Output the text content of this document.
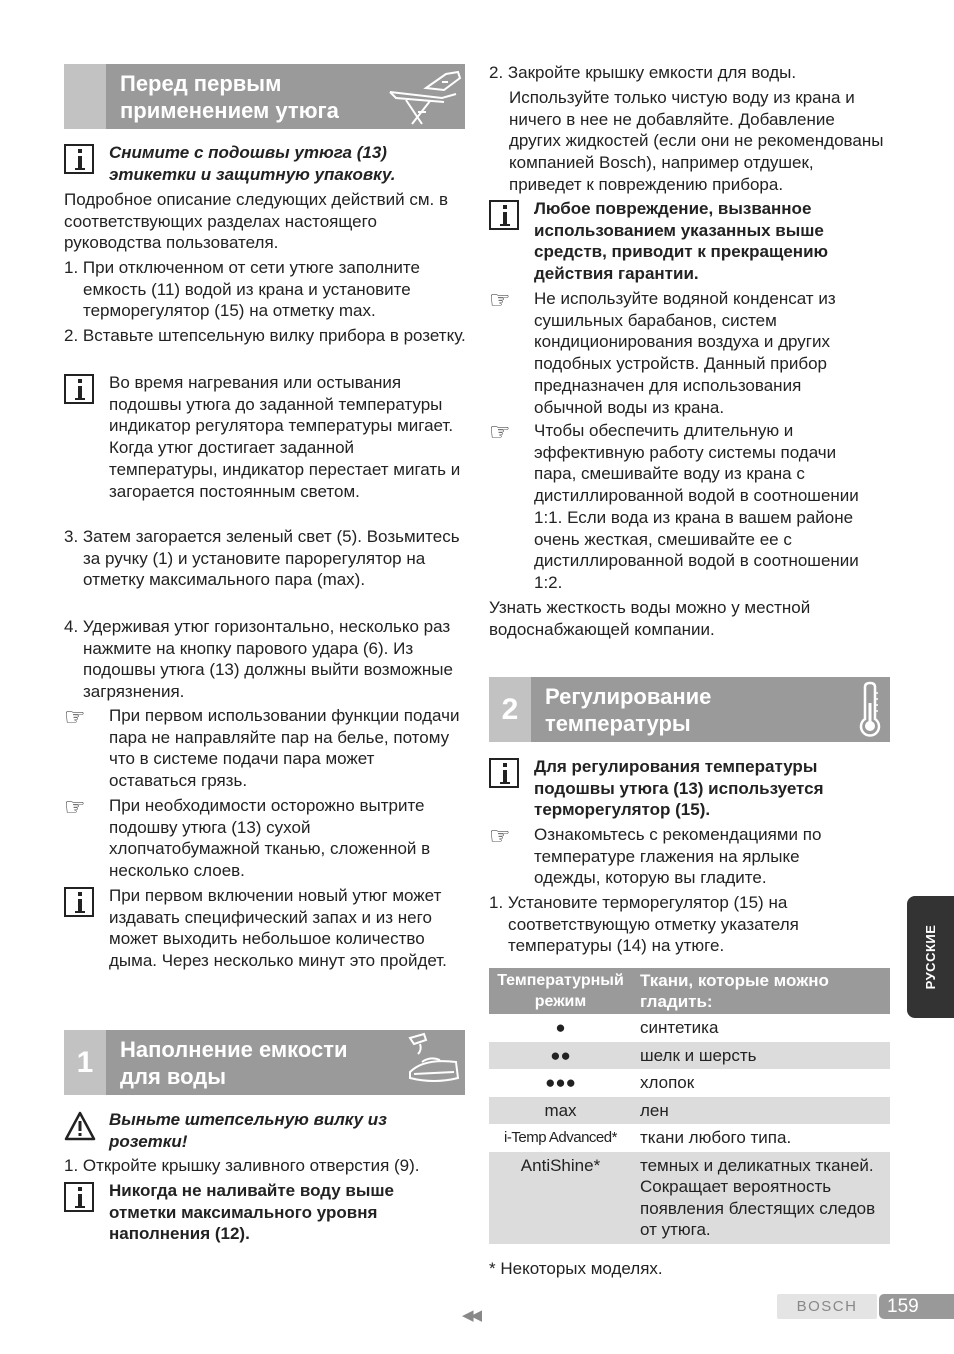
Перед первым
применением утюга

Снимите с подошвы утюга (13) этикетки и защитную упаковку.

Подробное описание следующих действий см. в соответствующих разделах настоящего руководства пользователя.

1. При отключенном от сети утюге заполните емкость (11) водой из крана и установите терморегулятор (15) на отметку max.

2. Вставьте штепсельную вилку прибора в розетку.

Во время нагревания или остывания подошвы утюга до заданной температуры индикатор регулятора температуры мигает. Когда утюг достигает заданной температуры, индикатор перестает мигать и загорается постоянным светом.

3. Затем загорается зеленый свет (5). Возьмитесь за ручку (1) и установите парорегулятор на отметку максимального пара (max).

4. Удерживая утюг горизонтально, несколько раз нажмите на кнопку парового удара (6). Из подошвы утюга (13) должны выйти возможные загрязнения.

☞ При первом использовании функции подачи пара не направляйте пар на белье, потому что в системе подачи пара может оставаться грязь.

☞ При необходимости осторожно вытрите подошву утюга (13) сухой хлопчатобумажной тканью, сложенной в несколько слоев.

При первом включении новый утюг может издавать специфический запах и из него может выходить небольшое количество дыма. Через несколько минут это пройдет.

1	Наполнение емкости
для воды

Выньте штепсельную вилку из розетки!

1. Откройте крышку заливного отверстия (9).

Никогда не наливайте воду выше отметки максимального уровня наполнения (12).

2. Закройте крышку емкости для воды.

Используйте только чистую воду из крана и ничего в нее не добавляйте. Добавление других жидкостей (если они не рекомендованы компанией Bosch), например отдушек, приведет к повреждению прибора.

Любое повреждение, вызванное использованием указанных выше средств, приводит к прекращению действия гарантии.

☞ Не используйте водяной конденсат из сушильных барабанов, систем кондиционирования воздуха и других подобных устройств. Данный прибор предназначен для использования обычной воды из крана.

☞ Чтобы обеспечить длительную и эффективную работу системы подачи пара, смешивайте воду из крана с дистиллированной водой в соотношении 1:1. Если вода из крана в вашем районе очень жесткая, смешивайте ее с дистиллированной водой в соотношении 1:2.

Узнать жесткость воды можно у местной водоснабжающей компании.

2	Регулирование
температуры

Для регулирования температуры подошвы утюга (13) используется терморегулятор (15).

☞ Ознакомьтесь с рекомендациями по температуре глажения на ярлыке одежды, которую вы гладите.

1. Установите терморегулятор (15) на соответствующую отметку указателя температуры (14) на утюге.

Температурный режим	Ткани, которые можно гладить:
●	синтетика
●●	шелк и шерсть
●●●	хлопок
max	лен
i-Temp Advanced*	ткани любого типа.
AntiShine*	темных и деликатных тканей. Сокращает вероятность появления блестящих следов от утюга.

* Некоторых моделях.

РУССКИЕ
◀◀
BOSCH	159
